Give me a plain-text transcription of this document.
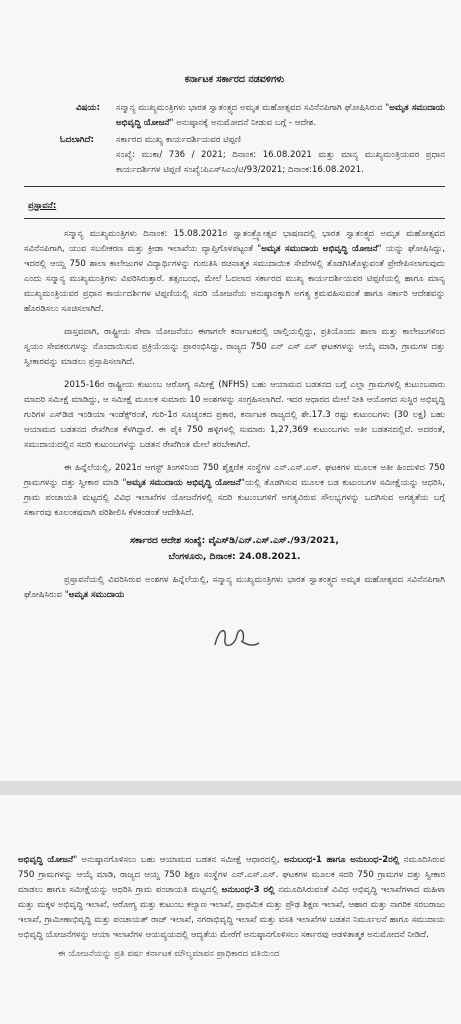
ಕರ್ನಾಟಕ ಸರ್ಕಾರದ ನಡವಳಿಗಳು
ವಿಷಯ:	ಸನ್ಮಾನ್ಯ ಮುಖ್ಯಮಂತ್ರಿಗಳು ಭಾರತ ಸ್ವಾತಂತ್ರ್ಯದ ಅಮೃತ ಮಹೋತ್ಸವದ ಸವಿನೆನಪಿಗಾಗಿ ಘೋಷಿಸಿರುವ "ಅಮೃತ ಸಮುದಾಯ ಅಭಿವೃದ್ಧಿ ಯೋಜನೆ" ಅನುಷ್ಠಾನಕ್ಕೆ ಅನುಮೋದನೆ ನೀಡುವ ಬಗ್ಗೆ - ಆದೇಶ.
ಓದಲಾಗಿದೆ:	ಸರ್ಕಾರದ ಮುಖ್ಯ ಕಾರ್ಯದರ್ಶಿಯವರ ಟಿಪ್ಪಣಿ
ಸಂಖ್ಯೆ: ಮುಕಾ/ 736 / 2021; ದಿನಾಂಕ: 16.08.2021 ಮತ್ತು ಮಾನ್ಯ ಮುಖ್ಯಮಂತ್ರಿಯವರ ಪ್ರಧಾನ ಕಾರ್ಯದರ್ಶಿಗಳ ಟಿಪ್ಪಣಿ ಸಂಖ್ಯೆ:ಪಿಎಸ್‌ಸಿಎಂ/ಟಿ/93/2021; ದಿನಾಂಕ:16.08.2021.
ಪ್ರಸ್ತಾವನೆ:

ಸನ್ಮಾನ್ಯ ಮುಖ್ಯಮಂತ್ರಿಗಳು ದಿನಾಂಕ: 15.08.2021ರ ಸ್ವಾತಂತ್ರ್ಯೋತ್ಸವ ಭಾಷಣದಲ್ಲಿ ಭಾರತ ಸ್ವಾತಂತ್ರ್ಯದ ಅಮೃತ ಮಹೋತ್ಸವದ ಸವಿನೆನಪಿಗಾಗಿ, ಯುವ ಸಬಲೀಕರಣ ಮತ್ತು ಕ್ರೀಡಾ ಇಲಾಖೆಯ ವ್ಯಾಪ್ತಿಗೊಳಪಟ್ಟಂತೆ "ಅಮೃತ ಸಮುದಾಯ ಅಭಿವೃದ್ಧಿ ಯೋಜನೆ" ಯನ್ನು ಘೋಷಿಸಿದ್ದು, ಇದರಲ್ಲಿ ಆಯ್ದ 750 ಶಾಲಾ ಕಾಲೇಜುಗಳ ವಿದ್ಯಾರ್ಥಿಗಳನ್ನು ಗುರುತಿಸಿ ರಚನಾತ್ಮಕ ಸಮುದಾಯಿಕ ಸೇವೆಗಳಲ್ಲಿ ತೊಡಗಿಸಿಕೊಳ್ಳುವಂತೆ ಪ್ರೇರೇಪಿಸಲಾಗುವುದು ಎಂದು ಸನ್ಮಾನ್ಯ ಮುಖ್ಯಮಂತ್ರಿಗಳು ವಿವರಿಸಿರುತ್ತಾರೆ. ತತ್ಸಂಬಂಧ, ಮೇಲೆ ಓದಲಾದ ಸರ್ಕಾರದ ಮುಖ್ಯ ಕಾರ್ಯದರ್ಶಿಯವರ ಟಿಪ್ಪಣಿಯಲ್ಲಿ ಹಾಗೂ ಮಾನ್ಯ ಮುಖ್ಯಮಂತ್ರಿಯವರ ಪ್ರಧಾನ ಕಾರ್ಯದರ್ಶಿಗಳ ಟಿಪ್ಪಣಿಯಲ್ಲಿ ಸದರಿ ಯೋಜನೆಯ ಅನುಷ್ಠಾನಕ್ಕಾಗಿ ಅಗತ್ಯ ಕ್ರಮವಹಿಸುವಂತೆ ಹಾಗೂ ಸರ್ಕಾರಿ ಆದೇಶವನ್ನು ಹೊರಡಿಸಲು ಸೂಚಿಸಲಾಗಿದೆ.

ವಾಸ್ತವವಾಗಿ, ರಾಷ್ಟ್ರೀಯ ಸೇವಾ ಯೋಜನೆಯು ಈಗಾಗಲೇ ಕರ್ನಾಟಕದಲ್ಲಿ ಚಾಲ್ತಿಯಲ್ಲಿದ್ದು, ಪ್ರತಿಯೊಂದು ಶಾಲಾ ಮತ್ತು ಕಾಲೇಜುಗಳಿಂದ ಸ್ವಯಂ ಸೇವಕರುಗಳನ್ನು ನೊಂದಾಯಿಸುವ ಪ್ರಕ್ರಿಯೆಯನ್ನು ಪ್ರಾರಂಭಿಸಿದ್ದು, ರಾಜ್ಯದ 750 ಎನ್ ಎಸ್ ಎಸ್ ಘಟಕಗಳನ್ನು ಆಯ್ಕೆ ಮಾಡಿ, ಗ್ರಾಮಗಳ ದತ್ತು ಸ್ವೀಕಾರವನ್ನು ಮಾಡಲು ಪ್ರಸ್ತಾಪಿಸಲಾಗಿದೆ.

2015-16ರ ರಾಷ್ಟ್ರೀಯ ಕುಟುಂಬ ಆರೋಗ್ಯ ಸಮೀಕ್ಷೆ (NFHS) ಬಹು ಆಯಾಮದ ಬಡತನದ ಬಗ್ಗೆ ಎಲ್ಲಾ ಗ್ರಾಮಗಳಲ್ಲಿ ಕುಟುಂಬವಾರು ಮಾದರಿ ಸಮೀಕ್ಷೆ ಮಾಡಿದ್ದು, ಆ ಸಮೀಕ್ಷೆ ಮೂಲಕ ಸುಮಾರು 10 ಅಂಶಗಳನ್ನು ಸಂಗ್ರಹಿಸಲಾಗಿದೆ. ಇದರ ಆಧಾರದ ಮೇಲೆ ನೀತಿ ಆಯೋಗದ ಸುಸ್ಥಿರ ಅಭಿವೃದ್ಧಿ ಗುರಿಗಳ ಎಸ್‌ಡಿಜಿ ಇಂಡಿಯಾ ಇಂಡೆಕ್ಸ್‌ರಂತೆ, ಗುರಿ-1ರ ಸೂಚ್ಯಂಕದ ಪ್ರಕಾರ, ಕರ್ನಾಟಕ ರಾಜ್ಯದಲ್ಲಿ ಶೇ.17.3 ರಷ್ಟು ಕುಟುಂಬಗಳು (30 ಲಕ್ಷ) ಬಹು ಆಯಾಮದ ಬಡತನದ ರೇಖೆಗಿಂತ ಕೆಳಗಿದ್ದಾರೆ. ಈ ಪೈಕಿ 750 ಹಳ್ಳಿಗಳಲ್ಲಿ ಸುಮಾರು 1,27,369 ಕುಟುಂಬಗಳು ಅತೀ ಬಡತನದಲ್ಲಿವೆ. ಅದರಂತೆ, ಸಮುದಾಯದಲ್ಲಿನ ಸದರಿ ಕುಟುಂಬಗಳನ್ನು ಬಡತನ ರೇಖೆಗಿಂತ ಮೇಲೆ ತರಬೇಕಾಗಿದೆ.

ಈ ಹಿನ್ನೆಲೆಯಲ್ಲಿ, 2021ರ ಆಗಸ್ಟ್ ತಿಂಗಳಿನಿಂದ 750 ಶೈಕ್ಷಣಿಕ ಸಂಸ್ಥೆಗಳ ಎನ್.ಎಸ್.ಎಸ್. ಘಟಕಗಳ ಮೂಲಕ ಅತೀ ಹಿಂದುಳಿದ 750 ಗ್ರಾಮಗಳನ್ನು ದತ್ತು ಸ್ವೀಕಾರ ಮಾಡಿ "ಅಮೃತ ಸಮುದಾಯ ಅಭಿವೃದ್ಧಿ ಯೋಜನೆ"ಯಲ್ಲಿ ತೊಡಗಿಸುವ ಮೂಲಕ ಬಡ ಕುಟುಂಬಗಳ ಸಮೀಕ್ಷೆಯನ್ನು ಆಧರಿಸಿ, ಗ್ರಾಮ ಪಂಚಾಯತಿ ಮಟ್ಟದಲ್ಲಿ ವಿವಿಧ ಇಲಾಖೆಗಳ ಯೋಜನೆಗಳಲ್ಲಿ ಸದರಿ ಕುಟುಂಬಗಳಿಗೆ ಅಗತ್ಯವಿರುವ ಸೌಲಭ್ಯಗಳನ್ನು ಒದಗಿಸುವ ಅಗತ್ಯತೆಯ ಬಗ್ಗೆ ಸರ್ಕಾರವು ಕೂಲಂಕಷವಾಗಿ ಪರಿಶೀಲಿಸಿ ಕೆಳಕಂಡಂತೆ ಆದೇಶಿಸಿದೆ.

ಸರ್ಕಾರದ ಆದೇಶ ಸಂಖ್ಯೆ: ವೈಎಸ್‌ಡಿ/ಎನ್.ಎಸ್.ಎಸ್./93/2021,
ಬೆಂಗಳೂರು, ದಿನಾಂಕ: 24.08.2021.

ಪ್ರಸ್ತಾವನೆಯಲ್ಲಿ ವಿವರಿಸಿರುವ ಅಂಶಗಳ ಹಿನ್ನೆಲೆಯಲ್ಲಿ, ಸನ್ಮಾನ್ಯ ಮುಖ್ಯಮಂತ್ರಿಗಳು ಭಾರತ ಸ್ವಾತಂತ್ರ್ಯದ ಅಮೃತ ಮಹೋತ್ಸವದ ಸವಿನೆನಪಿಗಾಗಿ ಘೋಷಿಸಿರುವ "ಅಮೃತ ಸಮುದಾಯ

ಅಭಿವೃದ್ಧಿ ಯೋಜನೆ" ಅನುಷ್ಠಾನಗೊಳಿಸಲು ಬಹು ಆಯಾಮದ ಬಡತನ ಸಮೀಕ್ಷೆ ಆಧಾರದಲ್ಲಿ, ಅನುಬಂಧ-1 ಹಾಗೂ ಅನುಬಂಧ-2ರಲ್ಲಿ ನಮೂದಿಸಿರುವ 750 ಗ್ರಾಮಗಳನ್ನು ಆಯ್ಕೆ ಮಾಡಿ, ರಾಜ್ಯದ ಆಯ್ದ 750 ಶಿಕ್ಷಣ ಸಂಸ್ಥೆಗಳ ಎನ್.ಎಸ್.ಎಸ್. ಘಟಕಗಳ ಮೂಲಕ ಸದರಿ 750 ಗ್ರಾಮಗಳ ದತ್ತು ಸ್ವೀಕಾರ ಮಾಡಲು ಹಾಗೂ ಸಮೀಕ್ಷೆಯನ್ನು ಆಧರಿಸಿ ಗ್ರಾಮ ಪಂಚಾಯತಿ ಮಟ್ಟದಲ್ಲಿ ಅನುಬಂಧ-3 ರಲ್ಲಿ ನಮೂದಿಸಿರುವಂತೆ ವಿವಿಧ ಅಭಿವೃದ್ಧಿ ಇಲಾಖೆಗಳಾದ ಮಹಿಳಾ ಮತ್ತು ಮಕ್ಕಳ ಅಭಿವೃದ್ಧಿ ಇಲಾಖೆ, ಆರೋಗ್ಯ ಮತ್ತು ಕುಟುಂಬ ಕಲ್ಯಾಣ ಇಲಾಖೆ, ಪ್ರಾಥಮಿಕ ಮತ್ತು ಪ್ರೌಢ ಶಿಕ್ಷಣ ಇಲಾಖೆ, ಆಹಾರ ಮತ್ತು ನಾಗರಿಕ ಸರಬರಾಜು ಇಲಾಖೆ, ಗ್ರಾಮೀಣಾಭಿವೃದ್ಧಿ ಮತ್ತು ಪಂಚಾಯತ್ ರಾಜ್ ಇಲಾಖೆ, ನಗರಾಭಿವೃದ್ಧಿ ಇಲಾಖೆ ಮತ್ತು ವಸತಿ ಇಲಾಖೆಗಳ ಬಡತನ ನಿರ್ಮೂಲನೆ ಹಾಗೂ ಸಮುದಾಯ ಅಭಿವೃದ್ಧಿ ಯೋಜನೆಗಳನ್ನು ಆಯಾ ಇಲಾಖೆಗಳ ಆಯವ್ಯಯದಲ್ಲಿ ಆದ್ಯತೆಯ ಮೇರೆಗೆ ಅನುಷ್ಠಾನಗೊಳಿಸಲು ಸರ್ಕಾರವು ಆಡಳಿತಾತ್ಮಕ ಅನುಮೋದನೆ ನೀಡಿದೆ.

ಈ ಯೋಜನೆಯನ್ನು ಪ್ರತಿ ವರ್ಷ ಕರ್ನಾಟಕ ಮೌಲ್ಯಮಾಪನ ಪ್ರಾಧಿಕಾರದ ವತಿಯಿಂದ
